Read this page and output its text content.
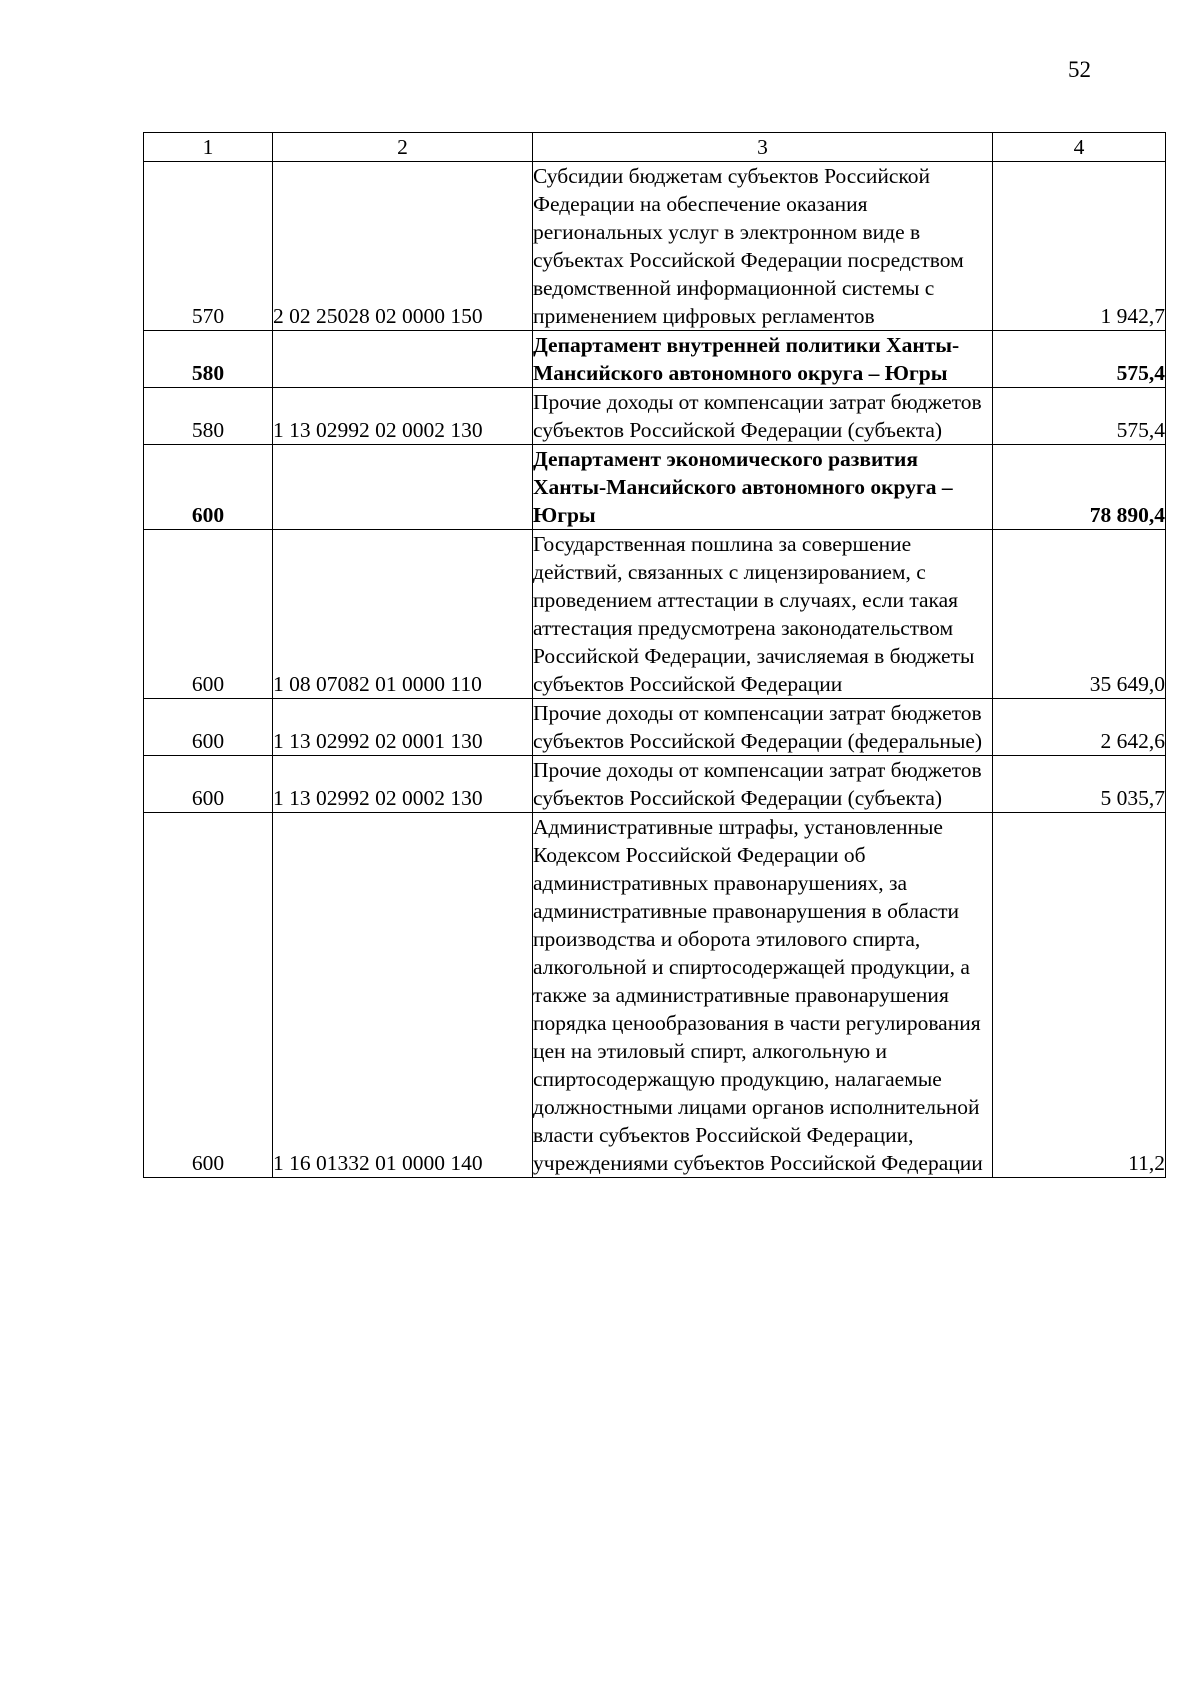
52
1	2	3	4
570	2 02 25028 02 0000 150	Субсидии бюджетам субъектов Российской Федерации на обеспечение оказания региональных услуг в электронном виде в субъектах Российской Федерации посредством ведомственной информационной системы с применением цифровых регламентов	1 942,7
580		Департамент внутренней политики Ханты-Мансийского автономного округа – Югры	575,4
580	1 13 02992 02 0002 130	Прочие доходы от компенсации затрат бюджетов субъектов Российской Федерации (субъекта)	575,4
600		Департамент экономического развития Ханты-Мансийского автономного округа – Югры	78 890,4
600	1 08 07082 01 0000 110	Государственная пошлина за совершение действий, связанных с лицензированием, с проведением аттестации в случаях, если такая аттестация предусмотрена законодательством Российской Федерации, зачисляемая в бюджеты субъектов Российской Федерации	35 649,0
600	1 13 02992 02 0001 130	Прочие доходы от компенсации затрат бюджетов субъектов Российской Федерации (федеральные)	2 642,6
600	1 13 02992 02 0002 130	Прочие доходы от компенсации затрат бюджетов субъектов Российской Федерации (субъекта)	5 035,7
600	1 16 01332 01 0000 140	Административные штрафы, установленные Кодексом Российской Федерации об административных правонарушениях, за административные правонарушения в области производства и оборота этилового спирта, алкогольной и спиртосодержащей продукции, а также за административные правонарушения порядка ценообразования в части регулирования цен на этиловый спирт, алкогольную и спиртосодержащую продукцию, налагаемые должностными лицами органов исполнительной власти субъектов Российской Федерации, учреждениями субъектов Российской Федерации	11,2
